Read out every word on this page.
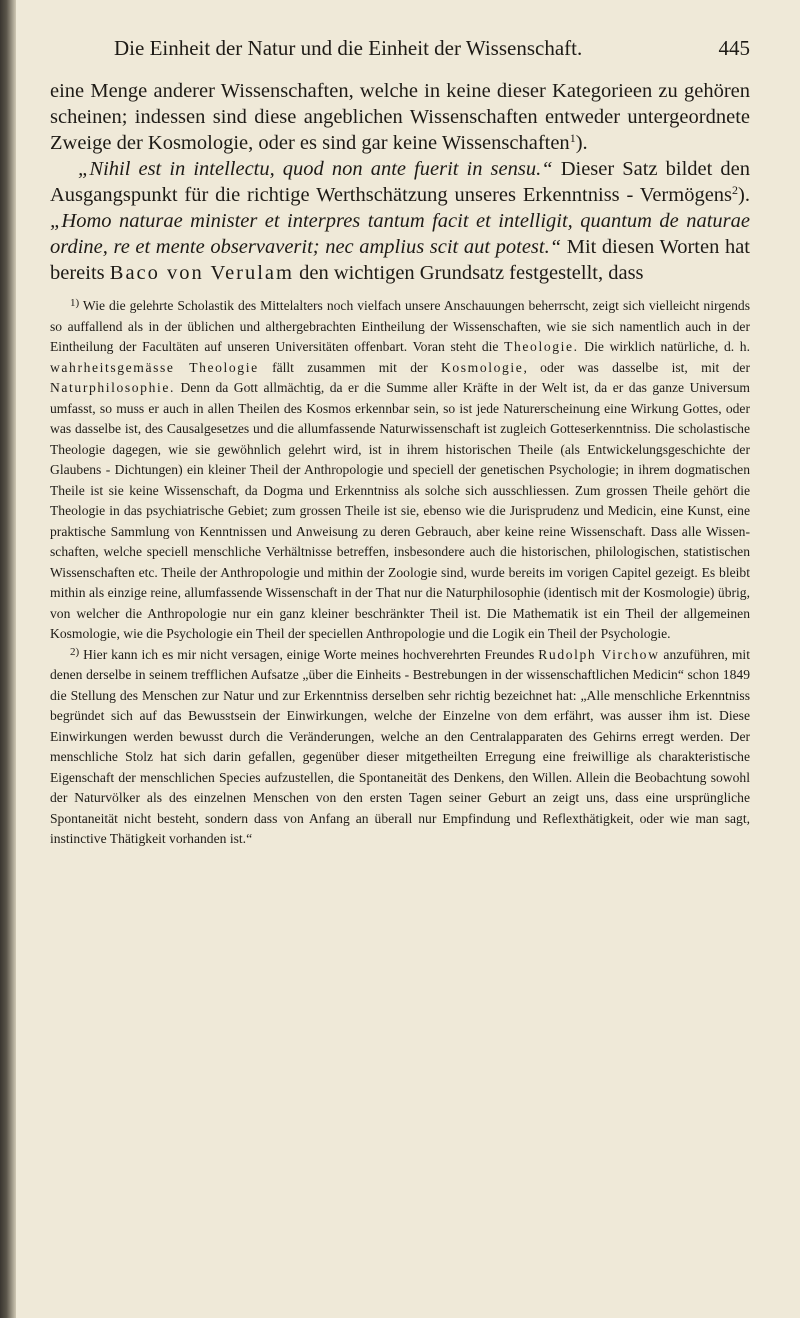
Die Einheit der Natur und die Einheit der Wissenschaft.	445

eine Menge anderer Wissenschaften, welche in keine dieser Kategorieen zu gehören scheinen; indessen sind diese angeblichen Wissenschaften entweder untergeordnete Zweige der Kosmologie, oder es sind gar keine Wissenschaften$^1$).

„Nihil est in intellectu, quod non ante fuerit in sensu.“ Dieser Satz bildet den Ausgangspunkt für die richtige Werthschätzung unseres Erkenntniss - Vermögens$^2$). „Homo naturae minister et interpres tantum facit et intelligit, quantum de naturae ordine, re et mente observaverit; nec amplius scit aut potest.“ Mit diesen Worten hat bereits Baco von Verulam den wichtigen Grundsatz festgestellt, dass

$^{1)}$ Wie die gelehrte Scholastik des Mittelalters noch vielfach unsere Anschauungen beherrscht, zeigt sich vielleicht nirgends so auffallend als in der üblichen und althergebrachten Eintheilung der Wissenschaften, wie sie sich namentlich auch in der Eintheilung der Facultäten auf unseren Universitäten offenbart. Voran steht die Theologie. Die wirklich natürliche, d. h. wahrheitsgemässe Theologie fällt zusammen mit der Kosmologie, oder was dasselbe ist, mit der Naturphilosophie. Denn da Gott allmächtig, da er die Summe aller Kräfte in der Welt ist, da er das ganze Universum umfasst, so muss er auch in allen Theilen des Kosmos erkennbar sein, so ist jede Naturerscheinung eine Wirkung Gottes, oder was dasselbe ist, des Causalgesetzes und die allumfassende Naturwissenschaft ist zugleich Gotteserkenntniss. Die scholastische Theologie dagegen, wie sie gewöhnlich gelehrt wird, ist in ihrem historischen Theile (als Entwickelungsgeschichte der Glaubens - Dichtungen) ein kleiner Theil der Anthropologie und speciell der genetischen Psychologie; in ihrem dogmatischen Theile ist sie keine Wissenschaft, da Dogma und Erkenntniss als solche sich ausschliessen. Zum grossen Theile gehört die Theologie in das psychiatrische Gebiet; zum grossen Theile ist sie, ebenso wie die Jurisprudenz und Medicin, eine Kunst, eine praktische Sammlung von Kenntnissen und Anweisung zu deren Gebrauch, aber keine reine Wissenschaft. Dass alle Wissenschaften, welche speciell menschliche Verhältnisse betreffen, insbesondere auch die historischen, philologischen, statistischen Wissenschaften etc. Theile der Anthropologie und mithin der Zoologie sind, wurde bereits im vorigen Capitel gezeigt. Es bleibt mithin als einzige reine, allumfassende Wissenschaft in der That nur die Naturphilosophie (identisch mit der Kosmologie) übrig, von welcher die Anthropologie nur ein ganz kleiner beschränkter Theil ist. Die Mathematik ist ein Theil der allgemeinen Kosmologie, wie die Psychologie ein Theil der speciellen Anthropologie und die Logik ein Theil der Psychologie.

$^{2)}$ Hier kann ich es mir nicht versagen, einige Worte meines hochverehrten Freundes Rudolph Virchow anzuführen, mit denen derselbe in seinem trefflichen Aufsatze „über die Einheits - Bestrebungen in der wissenschaftlichen Medicin“ schon 1849 die Stellung des Menschen zur Natur und zur Erkenntniss derselben sehr richtig bezeichnet hat: „Alle menschliche Erkenntniss begründet sich auf das Bewusstsein der Einwirkungen, welche der Einzelne von dem erfährt, was ausser ihm ist. Diese Einwirkungen werden bewusst durch die Veränderungen, welche an den Centralapparaten des Gehirns erregt werden. Der menschliche Stolz hat sich darin gefallen, gegenüber dieser mitgetheilten Erregung eine freiwillige als charakteristische Eigenschaft der menschlichen Species aufzustellen, die Spontaneität des Denkens, den Willen. Allein die Beobachtung sowohl der Naturvölker als des einzelnen Menschen von den ersten Tagen seiner Geburt an zeigt uns, dass eine ursprüngliche Spontaneität nicht besteht, sondern dass von Anfang an überall nur Empfindung und Reflexthätigkeit, oder wie man sagt, instinctive Thätigkeit vorhanden ist.“
